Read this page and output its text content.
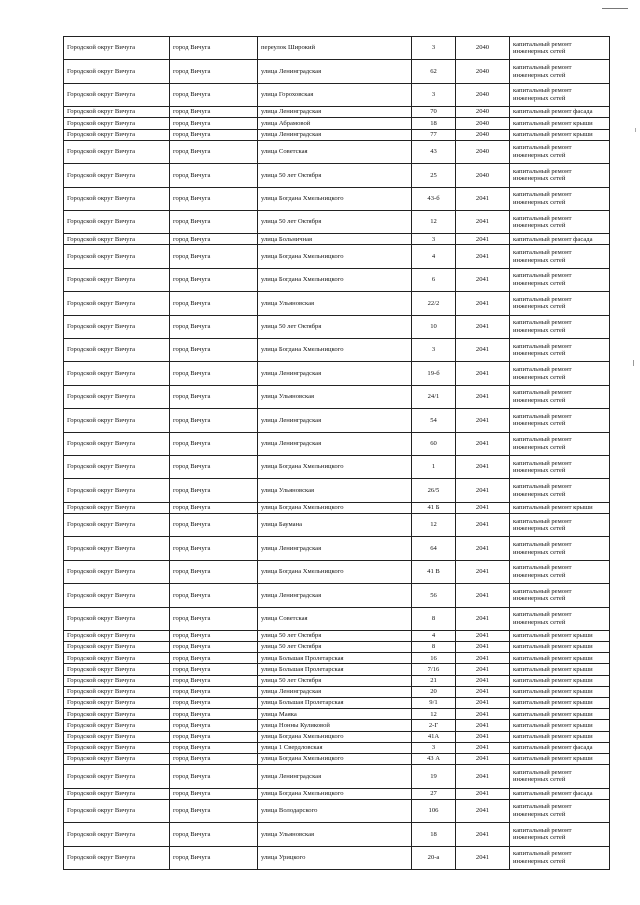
Городской округ Вичуга	город Вичуга	переулок Широкий	3	2040	капитальный ремонт инженерных сетей
Городской округ Вичуга	город Вичуга	улица Ленинградская	62	2040	капитальный ремонт инженерных сетей
Городской округ Вичуга	город Вичуга	улица Гороховская	3	2040	капитальный ремонт инженерных сетей
Городской округ Вичуга	город Вичуга	улица Ленинградская	70	2040	капитальный ремонт фасада
Городской округ Вичуга	город Вичуга	улица Абрамовой	18	2040	капитальный ремонт крыши
Городской округ Вичуга	город Вичуга	улица Ленинградская	77	2040	капитальный ремонт крыши
Городской округ Вичуга	город Вичуга	улица Советская	43	2040	капитальный ремонт инженерных сетей
Городской округ Вичуга	город Вичуга	улица 50 лет Октября	25	2040	капитальный ремонт инженерных сетей
Городской округ Вичуга	город Вичуга	улица Богдана Хмельницкого	43-б	2041	капитальный ремонт инженерных сетей
Городской округ Вичуга	город Вичуга	улица 50 лет Октября	12	2041	капитальный ремонт инженерных сетей
Городской округ Вичуга	город Вичуга	улица Больничная	3	2041	капитальный ремонт фасада
Городской округ Вичуга	город Вичуга	улица Богдана Хмельницкого	4	2041	капитальный ремонт инженерных сетей
Городской округ Вичуга	город Вичуга	улица Богдана Хмельницкого	6	2041	капитальный ремонт инженерных сетей
Городской округ Вичуга	город Вичуга	улица Ульяновская	22/2	2041	капитальный ремонт инженерных сетей
Городской округ Вичуга	город Вичуга	улица 50 лет Октября	10	2041	капитальный ремонт инженерных сетей
Городской округ Вичуга	город Вичуга	улица Богдана Хмельницкого	3	2041	капитальный ремонт инженерных сетей
Городской округ Вичуга	город Вичуга	улица Ленинградская	19-б	2041	капитальный ремонт инженерных сетей
Городской округ Вичуга	город Вичуга	улица Ульяновская	24/1	2041	капитальный ремонт инженерных сетей
Городской округ Вичуга	город Вичуга	улица Ленинградская	54	2041	капитальный ремонт инженерных сетей
Городской округ Вичуга	город Вичуга	улица Ленинградская	60	2041	капитальный ремонт инженерных сетей
Городской округ Вичуга	город Вичуга	улица Богдана Хмельницкого	1	2041	капитальный ремонт инженерных сетей
Городской округ Вичуга	город Вичуга	улица Ульяновская	26/5	2041	капитальный ремонт инженерных сетей
Городской округ Вичуга	город Вичуга	улица Богдана Хмельницкого	41 Б	2041	капитальный ремонт крыши
Городской округ Вичуга	город Вичуга	улица Баумана	12	2041	капитальный ремонт инженерных сетей
Городской округ Вичуга	город Вичуга	улица Ленинградская	64	2041	капитальный ремонт инженерных сетей
Городской округ Вичуга	город Вичуга	улица Богдана Хмельницкого	41 В	2041	капитальный ремонт инженерных сетей
Городской округ Вичуга	город Вичуга	улица Ленинградская	56	2041	капитальный ремонт инженерных сетей
Городской округ Вичуга	город Вичуга	улица Советская	8	2041	капитальный ремонт инженерных сетей
Городской округ Вичуга	город Вичуга	улица 50 лет Октября	4	2041	капитальный ремонт крыши
Городской округ Вичуга	город Вичуга	улица 50 лет Октября	8	2041	капитальный ремонт крыши
Городской округ Вичуга	город Вичуга	улица Большая Пролетарская	16	2041	капитальный ремонт крыши
Городской округ Вичуга	город Вичуга	улица Большая Пролетарская	7/16	2041	капитальный ремонт крыши
Городской округ Вичуга	город Вичуга	улица 50 лет Октября	21	2041	капитальный ремонт крыши
Городской округ Вичуга	город Вичуга	улица Ленинградская	20	2041	капитальный ремонт крыши
Городской округ Вичуга	город Вичуга	улица Большая Пролетарская	9/1	2041	капитальный ремонт крыши
Городской округ Вичуга	город Вичуга	улица Маяка	12	2041	капитальный ремонт крыши
Городской округ Вичуга	город Вичуга	улица Нонны Куликовой	2-Г	2041	капитальный ремонт крыши
Городской округ Вичуга	город Вичуга	улица Богдана Хмельницкого	41А	2041	капитальный ремонт крыши
Городской округ Вичуга	город Вичуга	улица 1 Свердловская	3	2041	капитальный ремонт фасада
Городской округ Вичуга	город Вичуга	улица Богдана Хмельницкого	43 А	2041	капитальный ремонт крыши
Городской округ Вичуга	город Вичуга	улица Ленинградская	19	2041	капитальный ремонт инженерных сетей
Городской округ Вичуга	город Вичуга	улица Богдана Хмельницкого	27	2041	капитальный ремонт фасада
Городской округ Вичуга	город Вичуга	улица Володарского	106	2041	капитальный ремонт инженерных сетей
Городской округ Вичуга	город Вичуга	улица Ульяновская	18	2041	капитальный ремонт инженерных сетей
Городской округ Вичуга	город Вичуга	улица Урицкого	20-а	2041	капитальный ремонт инженерных сетей
